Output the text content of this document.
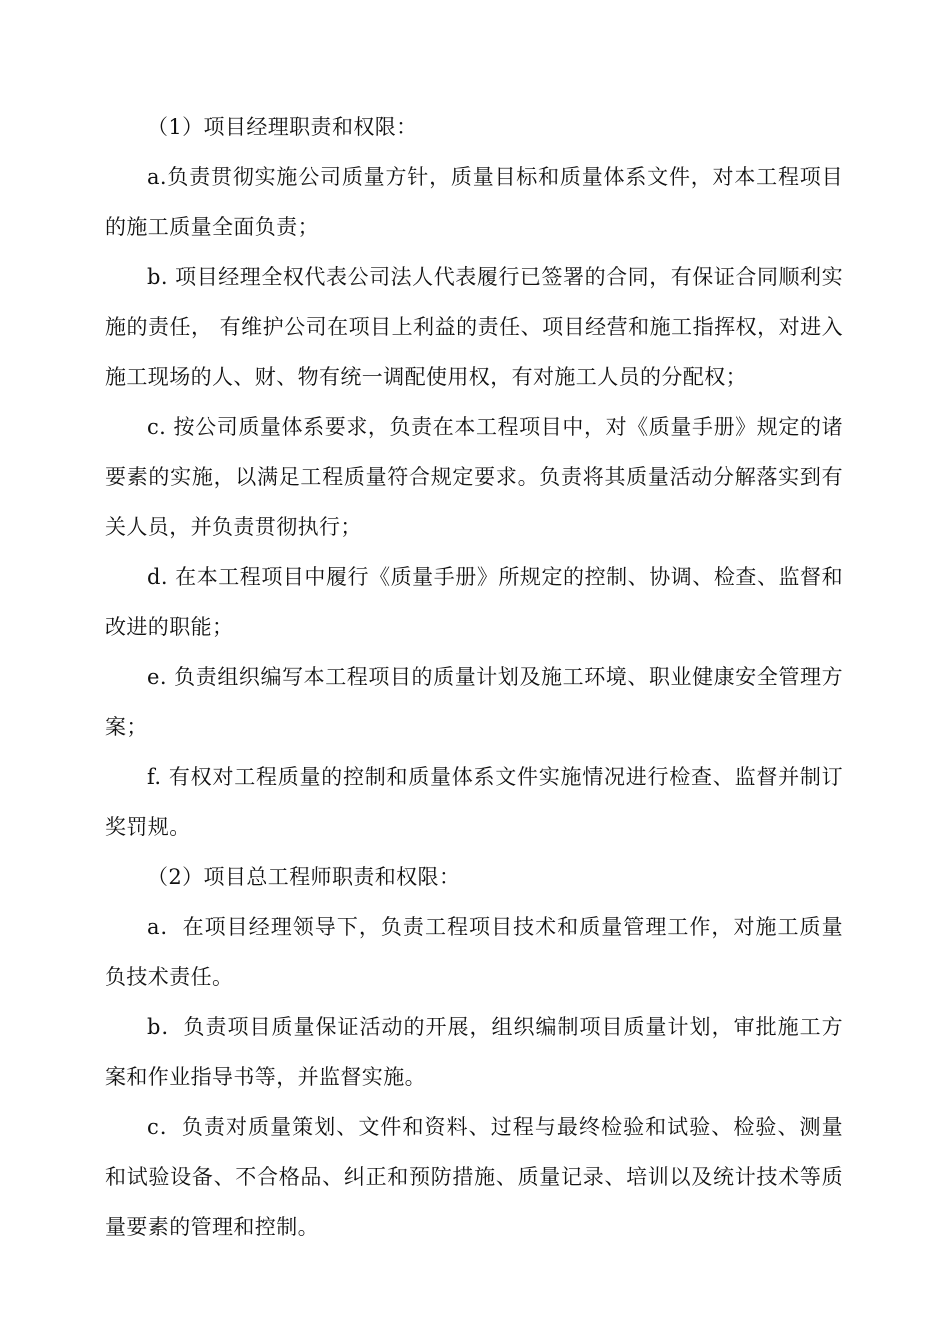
（1）项目经理职责和权限：

a.负责贯彻实施公司质量方针，质量目标和质量体系文件，对本工程项目的施工质量全面负责；

b. 项目经理全权代表公司法人代表履行已签署的合同，有保证合同顺利实施的责任， 有维护公司在项目上利益的责任、项目经营和施工指挥权，对进入施工现场的人、财、物有统一调配使用权，有对施工人员的分配权；

c. 按公司质量体系要求，负责在本工程项目中，对《质量手册》规定的诸要素的实施，以满足工程质量符合规定要求。负责将其质量活动分解落实到有关人员，并负责贯彻执行；

d. 在本工程项目中履行《质量手册》所规定的控制、协调、检查、监督和改进的职能；

e. 负责组织编写本工程项目的质量计划及施工环境、职业健康安全管理方案；

f. 有权对工程质量的控制和质量体系文件实施情况进行检查、监督并制订奖罚规。

（2）项目总工程师职责和权限：

a．在项目经理领导下，负责工程项目技术和质量管理工作，对施工质量负技术责任。

b．负责项目质量保证活动的开展，组织编制项目质量计划，审批施工方案和作业指导书等，并监督实施。

c．负责对质量策划、文件和资料、过程与最终检验和试验、检验、测量和试验设备、不合格品、纠正和预防措施、质量记录、培训以及统计技术等质量要素的管理和控制。
